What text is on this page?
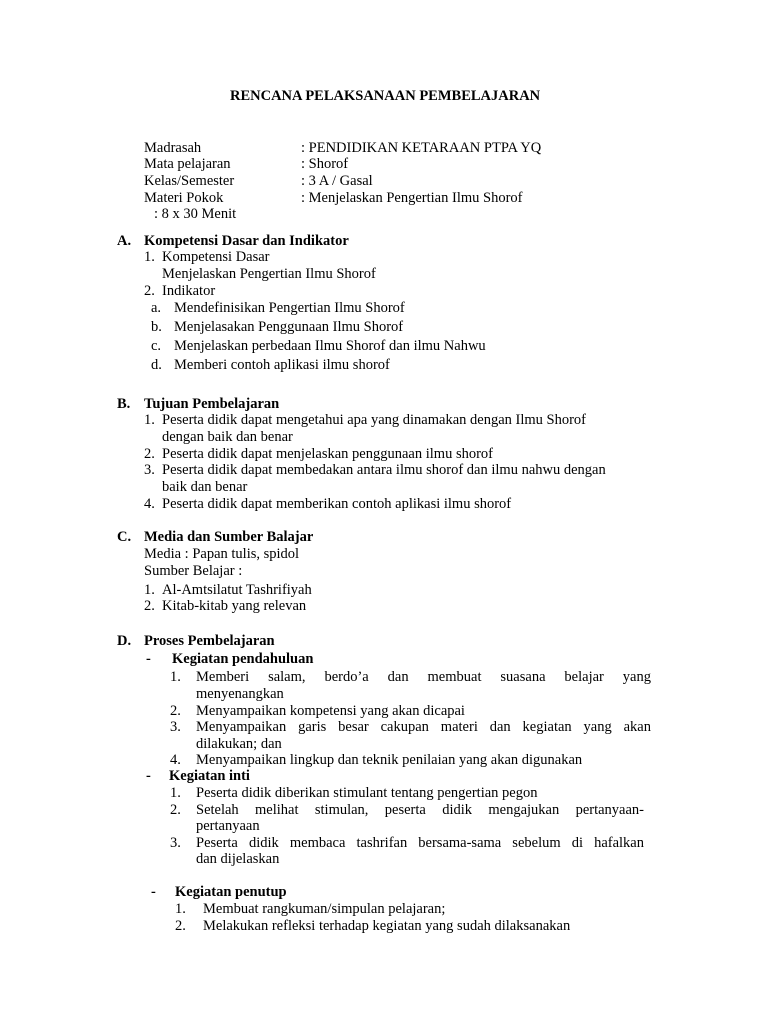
RENCANA PELAKSANAAN PEMBELAJARAN
Madrasah	: PENDIDIKAN KETARAAN PTPA YQ
Mata pelajaran	: Shorof
Kelas/Semester	: 3 A / Gasal
Materi Pokok	: Menjelaskan Pengertian Ilmu Shorof
: 8 x 30 Menit
A. Kompetensi Dasar dan Indikator
1. Kompetensi Dasar
Menjelaskan Pengertian Ilmu Shorof
2. Indikator
a. Mendefinisikan Pengertian Ilmu Shorof
b. Menjelasakan Penggunaan Ilmu Shorof
c. Menjelaskan perbedaan Ilmu Shorof dan ilmu Nahwu
d. Memberi contoh aplikasi ilmu shorof
B. Tujuan Pembelajaran
1. Peserta didik dapat mengetahui apa yang dinamakan dengan Ilmu Shorof
dengan baik dan benar
2. Peserta didik dapat menjelaskan penggunaan ilmu shorof
3. Peserta didik dapat membedakan antara ilmu shorof dan ilmu nahwu dengan
baik dan benar
4. Peserta didik dapat memberikan contoh aplikasi ilmu shorof
C. Media dan Sumber Balajar
Media : Papan tulis, spidol
Sumber Belajar :
1. Al-Amtsilatut Tashrifiyah
2. Kitab-kitab yang relevan
D. Proses Pembelajaran
- Kegiatan pendahuluan
1. Memberi salam, berdo’a dan membuat suasana belajar yang
menyenangkan
2. Menyampaikan kompetensi yang akan dicapai
3. Menyampaikan garis besar cakupan materi dan kegiatan yang akan
dilakukan; dan
4. Menyampaikan lingkup dan teknik penilaian yang akan digunakan
- Kegiatan inti
1. Peserta didik diberikan stimulant tentang pengertian pegon
2. Setelah melihat stimulan, peserta didik mengajukan pertanyaan-
pertanyaan
3. Peserta didik membaca tashrifan bersama-sama sebelum di hafalkan
dan dijelaskan
- Kegiatan penutup
1. Membuat rangkuman/simpulan pelajaran;
2. Melakukan refleksi terhadap kegiatan yang sudah dilaksanakan
